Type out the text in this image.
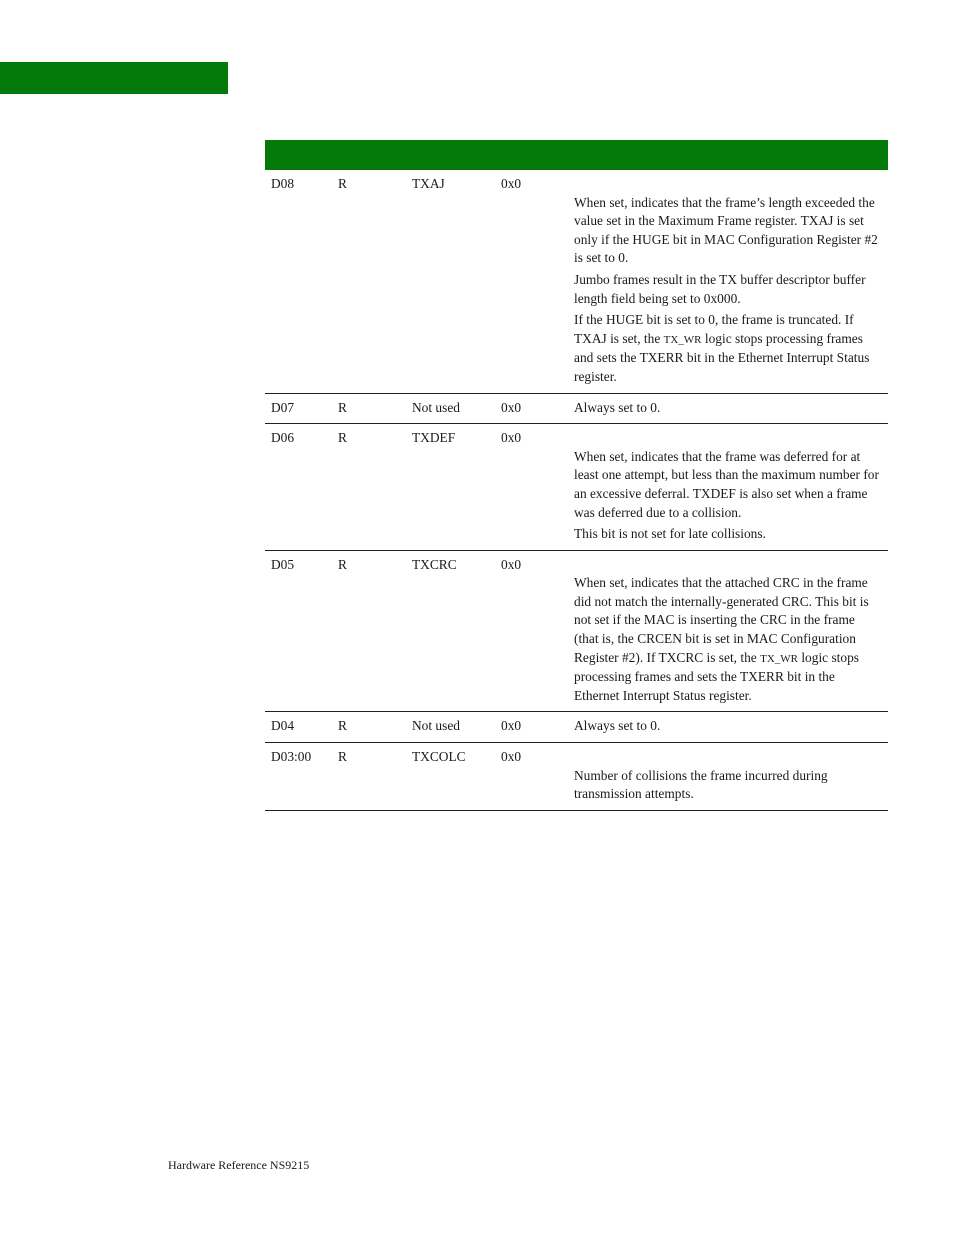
D08	R	TXAJ	0x0	When set, indicates that the frame’s length exceeded the value set in the Maximum Frame register. TXAJ is set only if the HUGE bit in MAC Configuration Register #2 is set to 0.

Jumbo frames result in the TX buffer descriptor buffer length field being set to 0x000.

If the HUGE bit is set to 0, the frame is truncated. If TXAJ is set, the TX_WR logic stops processing frames and sets the TXERR bit in the Ethernet Interrupt Status register.

D07	R	Not used	0x0	Always set to 0.
D06	R	TXDEF	0x0	When set, indicates that the frame was deferred for at least one attempt, but less than the maximum number for an excessive deferral. TXDEF is also set when a frame was deferred due to a collision.

This bit is not set for late collisions.

D05	R	TXCRC	0x0	When set, indicates that the attached CRC in the frame did not match the internally-generated CRC. This bit is not set if the MAC is inserting the CRC in the frame (that is, the CRCEN bit is set in MAC Configuration Register #2). If TXCRC is set, the TX_WR logic stops processing frames and sets the TXERR bit in the Ethernet Interrupt Status register.

D04	R	Not used	0x0	Always set to 0.
D03:00	R	TXCOLC	0x0	Number of collisions the frame incurred during transmission attempts.

Hardware Reference NS9215
